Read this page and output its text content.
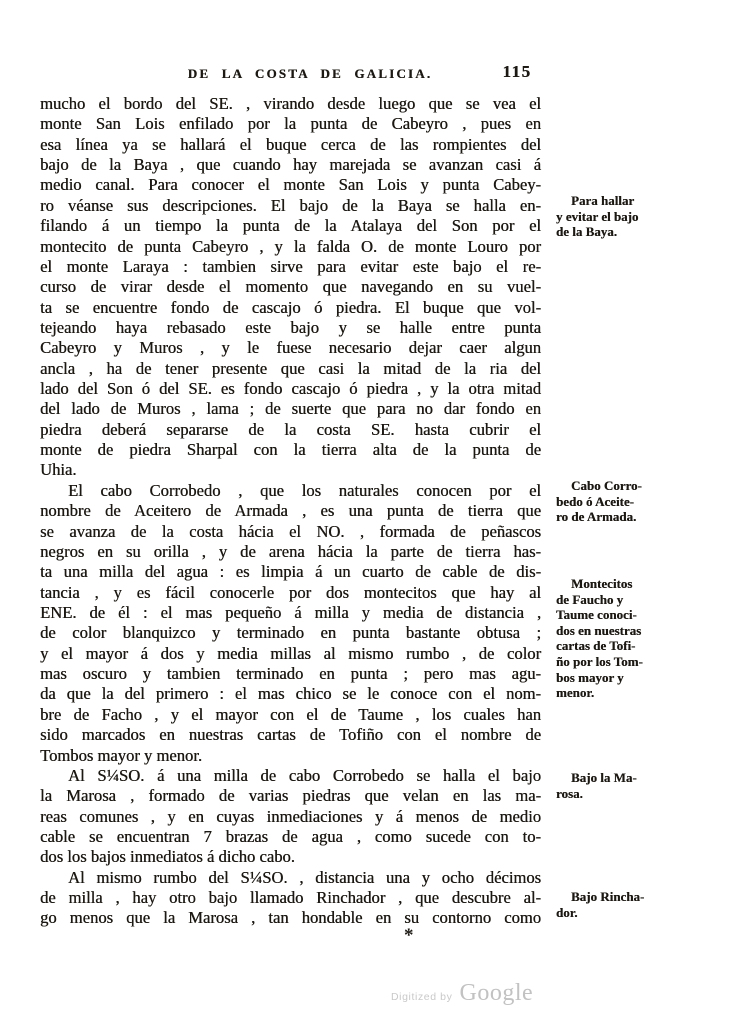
DE LA COSTA DE GALICIA.	115
mucho el bordo del SE. , virando desde luego que se vea el
monte San Lois enfilado por la punta de Cabeyro , pues en
esa línea ya se hallará el buque cerca de las rompientes del
bajo de la Baya , que cuando hay marejada se avanzan casi á
medio canal. Para conocer el monte San Lois y punta Cabey-
ro véanse sus descripciones. El bajo de la Baya se halla en-
filando á un tiempo la punta de la Atalaya del Son por el
montecito de punta Cabeyro , y la falda O. de monte Louro por
el monte Laraya : tambien sirve para evitar este bajo el re-
curso de virar desde el momento que navegando en su vuel-
ta se encuentre fondo de cascajo ó piedra. El buque que vol-
tejeando haya rebasado este bajo y se halle entre punta
Cabeyro y Muros , y le fuese necesario dejar caer algun
ancla , ha de tener presente que casi la mitad de la ria del
lado del Son ó del SE. es fondo cascajo ó piedra , y la otra mitad
del lado de Muros , lama ; de suerte que para no dar fondo en
piedra deberá separarse de la costa SE. hasta cubrir el
monte de piedra Sharpal con la tierra alta de la punta de
Uhia.
El cabo Corrobedo , que los naturales conocen por el
nombre de Aceitero de Armada , es una punta de tierra que
se avanza de la costa hácia el NO. , formada de peñascos
negros en su orilla , y de arena hácia la parte de tierra has-
ta una milla del agua : es limpia á un cuarto de cable de dis-
tancia , y es fácil conocerle por dos montecitos que hay al
ENE. de él : el mas pequeño á milla y media de distancia ,
de color blanquizco y terminado en punta bastante obtusa ;
y el mayor á dos y media millas al mismo rumbo , de color
mas oscuro y tambien terminado en punta ; pero mas agu-
da que la del primero : el mas chico se le conoce con el nom-
bre de Facho , y el mayor con el de Taume , los cuales han
sido marcados en nuestras cartas de Tofiño con el nombre de
Tombos mayor y menor.
Al S¼SO. á una milla de cabo Corrobedo se halla el bajo
la Marosa , formado de varias piedras que velan en las ma-
reas comunes , y en cuyas inmediaciones y á menos de medio
cable se encuentran 7 brazas de agua , como sucede con to-
dos los bajos inmediatos á dicho cabo.
Al mismo rumbo del S¼SO. , distancia una y ocho décimos
de milla , hay otro bajo llamado Rinchador , que descubre al-
go menos que la Marosa , tan hondable en su contorno como
Para hallar
y evitar el bajo
de la Baya.
Cabo Corro-
bedo ó Aceite-
ro de Armada.
Montecitos
de Faucho y
Taume conoci-
dos en nuestras
cartas de Tofi-
ño por los Tom-
bos mayor y
menor.
Bajo la Ma-
rosa.
Bajo Rincha-
dor.
*
Digitized by Google
